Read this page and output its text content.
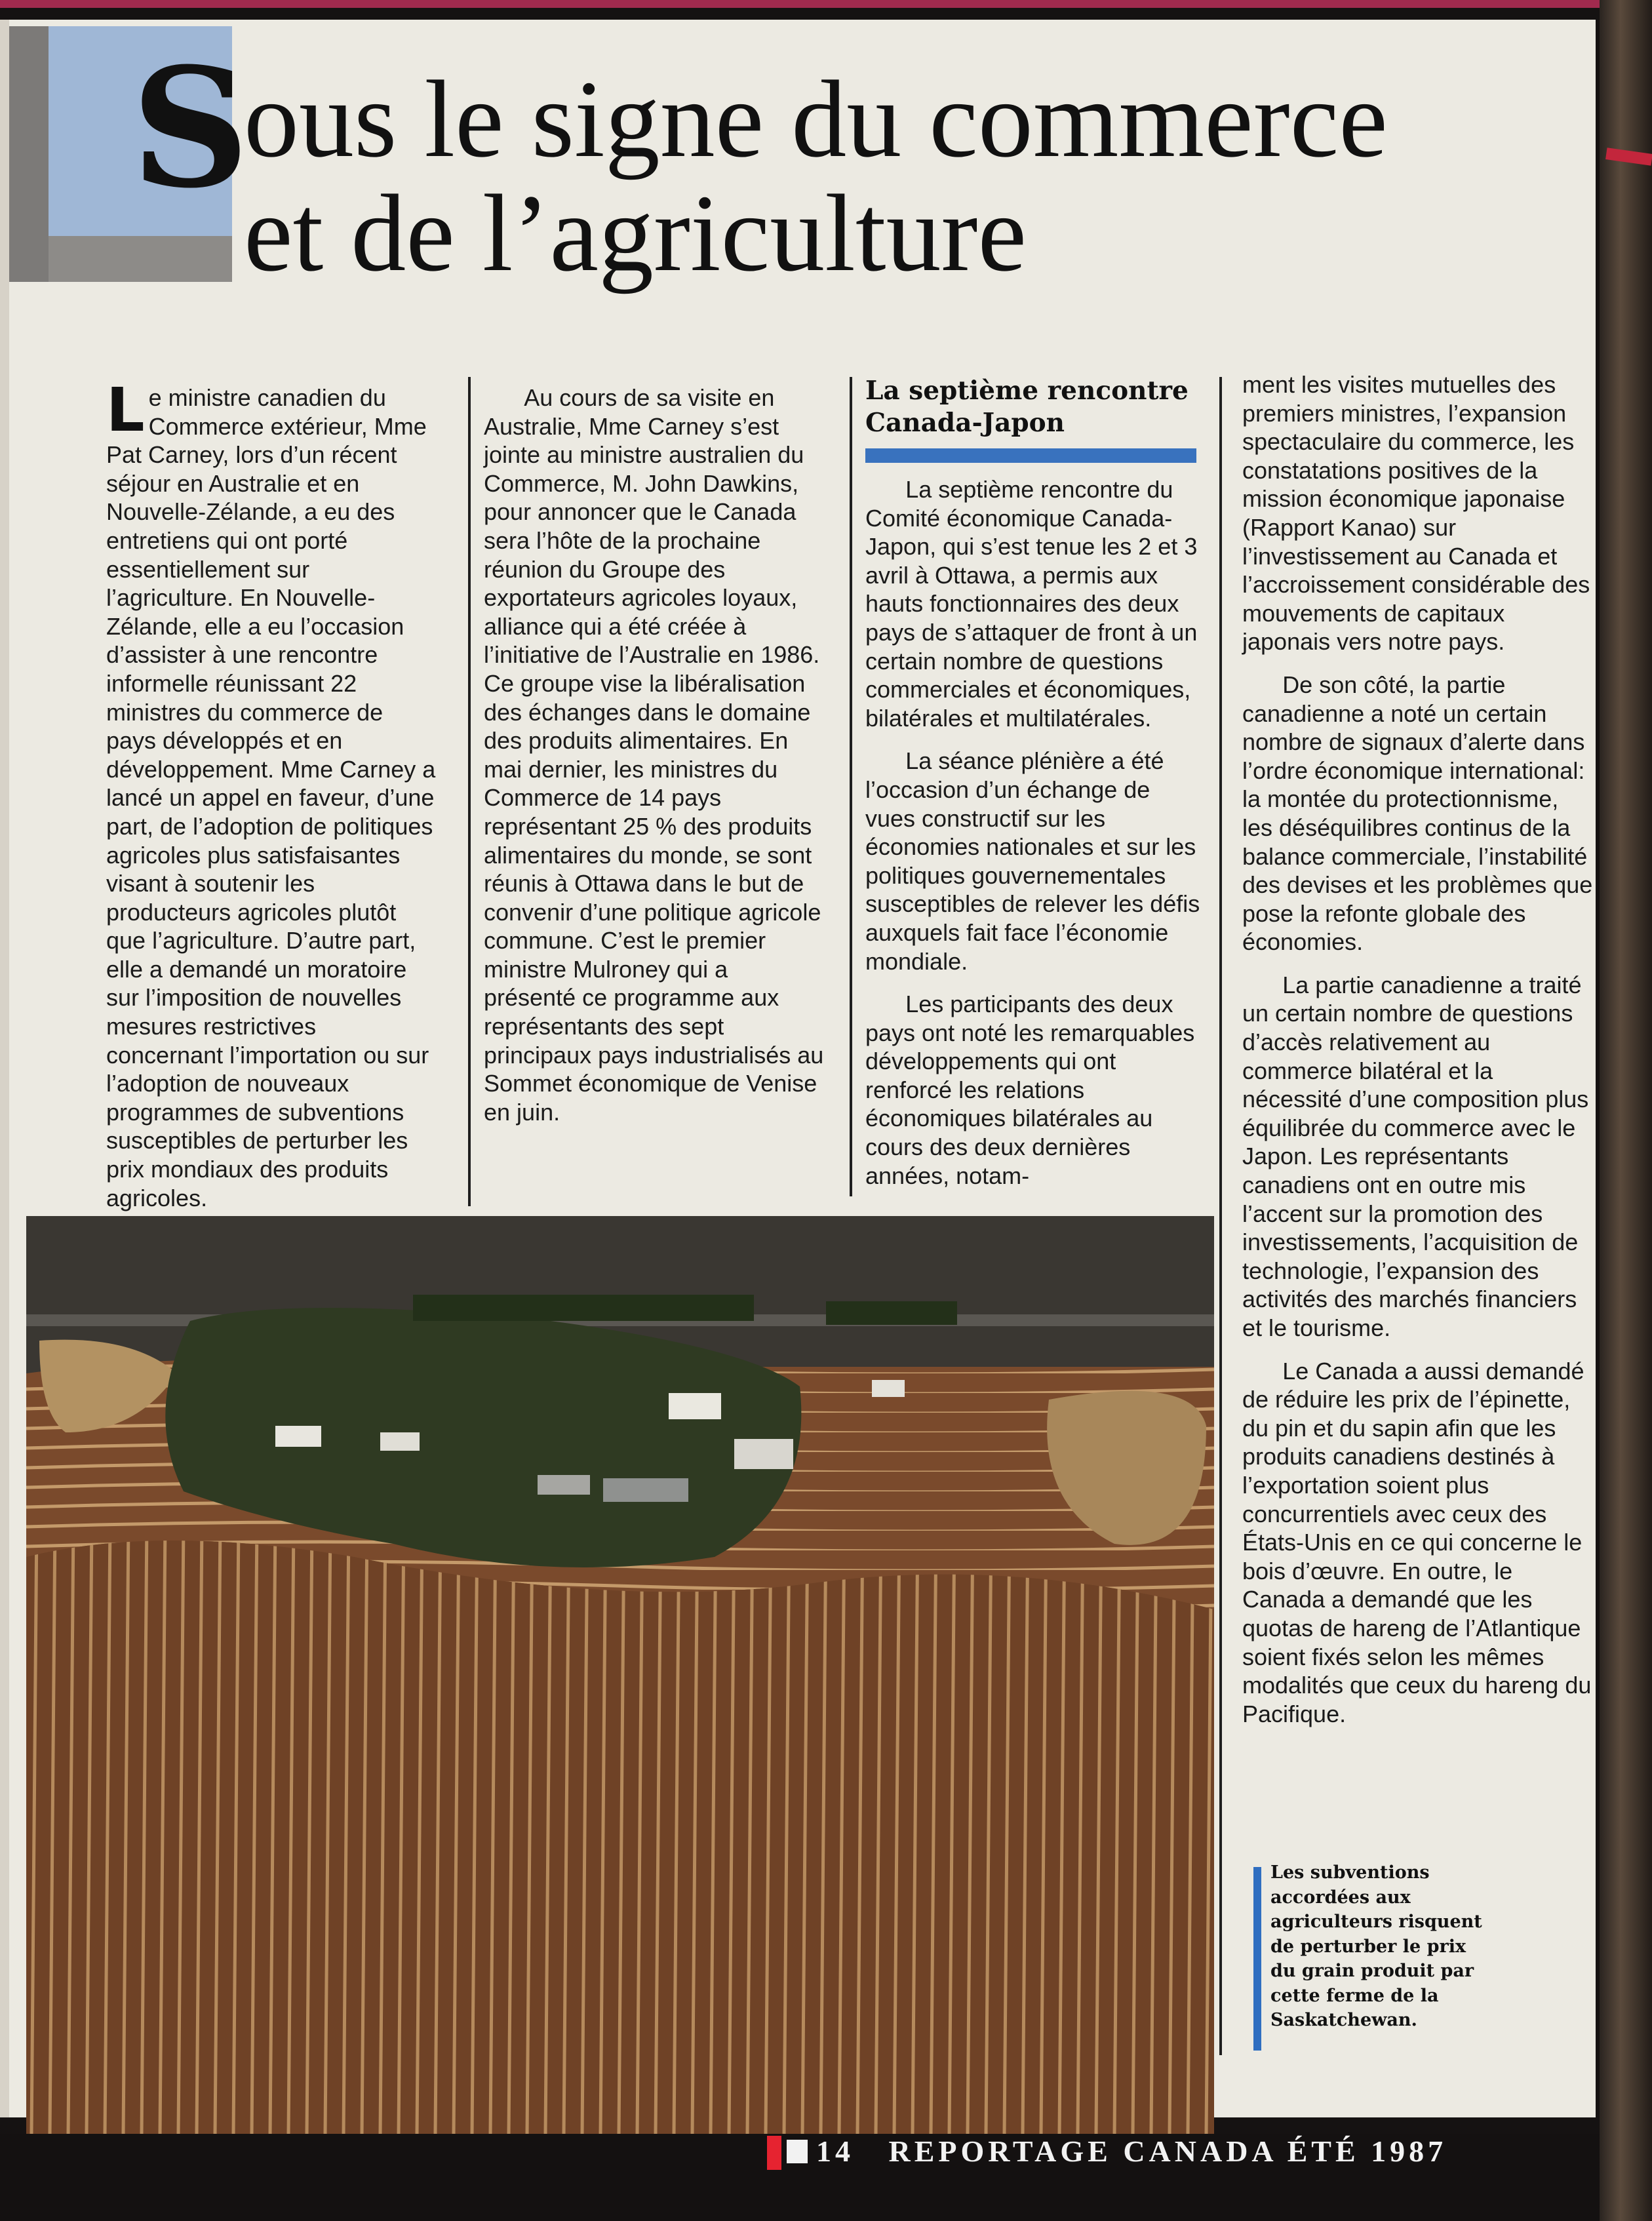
S
ous le signe du commerce
et de l’agriculture
L e ministre canadien du Commerce extérieur, Mme Pat Carney, lors d’un récent séjour en Australie et en Nouvelle-Zélande, a eu des entretiens qui ont porté essentiellement sur l’agriculture. En Nouvelle-Zélande, elle a eu l’occasion d’assister à une rencontre informelle réunissant 22 ministres du commerce de pays développés et en développement. Mme Carney a lancé un appel en faveur, d’une part, de l’adoption de politiques agricoles plus satisfaisantes visant à soutenir les producteurs agricoles plutôt que l’agriculture. D’autre part, elle a demandé un moratoire sur l’imposition de nouvelles mesures restrictives concernant l’importation ou sur l’adoption de nouveaux programmes de subventions susceptibles de perturber les prix mondiaux des produits agricoles.

Au cours de sa visite en Australie, Mme Carney s’est jointe au ministre australien du Commerce, M. John Dawkins, pour annoncer que le Canada sera l’hôte de la prochaine réunion du Groupe des exportateurs agricoles loyaux, alliance qui a été créée à l’initiative de l’Australie en 1986. Ce groupe vise la libéralisation des échanges dans le domaine des produits alimentaires. En mai dernier, les ministres du Commerce de 14 pays représentant 25 % des produits alimentaires du monde, se sont réunis à Ottawa dans le but de convenir d’une politique agricole commune. C’est le premier ministre Mulroney qui a présenté ce programme aux représentants des sept principaux pays industrialisés au Sommet économique de Venise en juin.

La septième rencontre Canada-Japon

La septième rencontre du Comité économique Canada-Japon, qui s’est tenue les 2 et 3 avril à Ottawa, a permis aux hauts fonctionnaires des deux pays de s’attaquer de front à un certain nombre de questions commerciales et économiques, bilatérales et multilatérales.

La séance plénière a été l’occasion d’un échange de vues constructif sur les économies nationales et sur les politiques gouvernementales susceptibles de relever les défis auxquels fait face l’économie mondiale.

Les participants des deux pays ont noté les remarquables développements qui ont renforcé les relations économiques bilatérales au cours des deux dernières années, notam-

ment les visites mutuelles des premiers ministres, l’expansion spectaculaire du commerce, les constatations positives de la mission économique japonaise (Rapport Kanao) sur l’investissement au Canada et l’accroissement considérable des mouvements de capitaux japonais vers notre pays.

De son côté, la partie canadienne a noté un certain nombre de signaux d’alerte dans l’ordre économique international: la montée du protectionnisme, les déséquilibres continus de la balance commerciale, l’instabilité des devises et les problèmes que pose la refonte globale des économies.

La partie canadienne a traité un certain nombre de questions d’accès relativement au commerce bilatéral et la nécessité d’une composition plus équilibrée du commerce avec le Japon. Les représentants canadiens ont en outre mis l’accent sur la promotion des investissements, l’acquisition de technologie, l’expansion des activités des marchés financiers et le tourisme.

Le Canada a aussi demandé de réduire les prix de l’épinette, du pin et du sapin afin que les produits canadiens destinés à l’exportation soient plus concurrentiels avec ceux des États-Unis en ce qui concerne le bois d’œuvre. En outre, le Canada a demandé que les quotas de hareng de l’Atlantique soient fixés selon les mêmes modalités que ceux du hareng du Pacifique.

Les subventions accordées aux agriculteurs risquent de perturber le prix du grain produit par cette ferme de la Saskatchewan.

14 REPORTAGE CANADA ÉTÉ 1987
